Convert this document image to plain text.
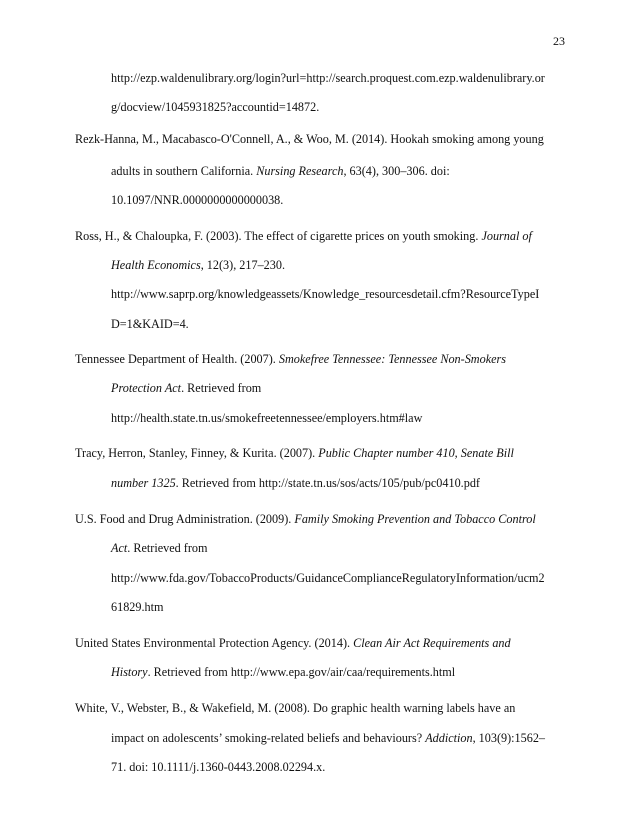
23
http://ezp.waldenulibrary.org/login?url=http://search.proquest.com.ezp.waldenulibrary.or
g/docview/1045931825?accountid=14872.
Rezk-Hanna, M., Macabasco-O'Connell, A., & Woo, M. (2014). Hookah smoking among young
adults in southern California. Nursing Research, 63(4), 300–306. doi:
10.1097/NNR.0000000000000038.
Ross, H., & Chaloupka, F. (2003). The effect of cigarette prices on youth smoking. Journal of
Health Economics, 12(3), 217–230.
http://www.saprp.org/knowledgeassets/Knowledge_resourcesdetail.cfm?ResourceTypeI
D=1&KAID=4.
Tennessee Department of Health. (2007). Smokefree Tennessee: Tennessee Non-Smokers
Protection Act. Retrieved from
http://health.state.tn.us/smokefreetennessee/employers.htm#law
Tracy, Herron, Stanley, Finney, & Kurita. (2007). Public Chapter number 410, Senate Bill
number 1325. Retrieved from http://state.tn.us/sos/acts/105/pub/pc0410.pdf
U.S. Food and Drug Administration. (2009). Family Smoking Prevention and Tobacco Control
Act. Retrieved from
http://www.fda.gov/TobaccoProducts/GuidanceComplianceRegulatoryInformation/ucm2
61829.htm
United States Environmental Protection Agency. (2014). Clean Air Act Requirements and
History. Retrieved from http://www.epa.gov/air/caa/requirements.html
White, V., Webster, B., & Wakefield, M. (2008). Do graphic health warning labels have an
impact on adolescents’ smoking-related beliefs and behaviours? Addiction, 103(9):1562–
71. doi: 10.1111/j.1360-0443.2008.02294.x.
